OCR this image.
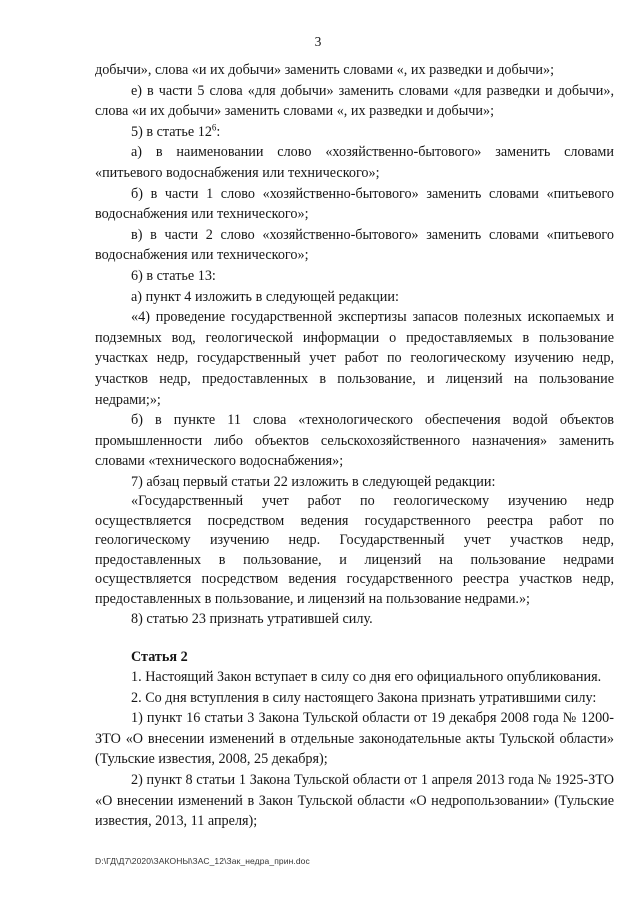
3

добычи», слова «и их добычи» заменить словами «, их разведки и добычи»;

е) в части 5 слова «для добычи» заменить словами «для разведки и добычи», слова «и их добычи» заменить словами «, их разведки и добычи»;

5) в статье $12^6$:

а) в наименовании слово «хозяйственно-бытового» заменить словами «питьевого водоснабжения или технического»;

б) в части 1 слово «хозяйственно-бытового» заменить словами «питьевого водоснабжения или технического»;

в) в части 2 слово «хозяйственно-бытового» заменить словами «питьевого водоснабжения или технического»;

6) в статье 13:

а) пункт 4 изложить в следующей редакции:

«4) проведение государственной экспертизы запасов полезных ископаемых и подземных вод, геологической информации о предоставляемых в пользование участках недр, государственный учет работ по геологическому изучению недр, участков недр, предоставленных в пользование, и лицензий на пользование недрами;»;

б) в пункте 11 слова «технологического обеспечения водой объектов промышленности либо объектов сельскохозяйственного назначения» заменить словами «технического водоснабжения»;

7) абзац первый статьи 22 изложить в следующей редакции:

«Государственный учет работ по геологическому изучению недр осуществляется посредством ведения государственного реестра работ по геологическому изучению недр. Государственный учет участков недр, предоставленных в пользование, и лицензий на пользование недрами осуществляется посредством ведения государственного реестра участков недр, предоставленных в пользование, и лицензий на пользование недрами.»;

8) статью 23 признать утратившей силу.

Статья 2

1. Настоящий Закон вступает в силу со дня его официального опубликования.

2. Со дня вступления в силу настоящего Закона признать утратившими силу:

1) пункт 16 статьи 3 Закона Тульской области от 19 декабря 2008 года № 1200-ЗТО «О внесении изменений в отдельные законодательные акты Тульской области» (Тульские известия, 2008, 25 декабря);

2) пункт 8 статьи 1 Закона Тульской области от 1 апреля 2013 года № 1925-ЗТО «О внесении изменений в Закон Тульской области «О недропользовании» (Тульские известия, 2013, 11 апреля);

D:\ГД\Д7\2020\ЗАКОНЫ\ЗАС_12\Зак_недра_прин.doc
